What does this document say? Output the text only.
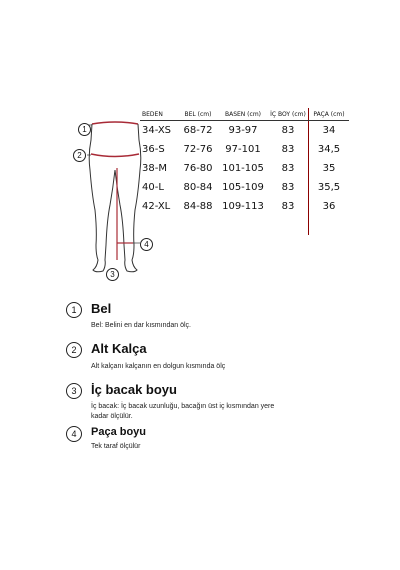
1
2
3
4
BEDEN	BEL (cm)	BASEN (cm)	İÇ BOY (cm)	PAÇA (cm)
34-XS	68-72	93-97	83	34
36-S	72-76	97-101	83	34,5
38-M	76-80	101-105	83	35
40-L	80-84	105-109	83	35,5
42-XL	84-88	109-113	83	36

1	Bel
Bel: Belini en dar kısmından ölç.
2	Alt Kalça
Alt kalçanı kalçanın en dolgun kısmında ölç
3	İç bacak boyu
İç bacak: İç bacak uzunluğu, bacağın üst iç kısmından yere
kadar ölçülür.
4	Paça boyu
Tek taraf ölçülür
